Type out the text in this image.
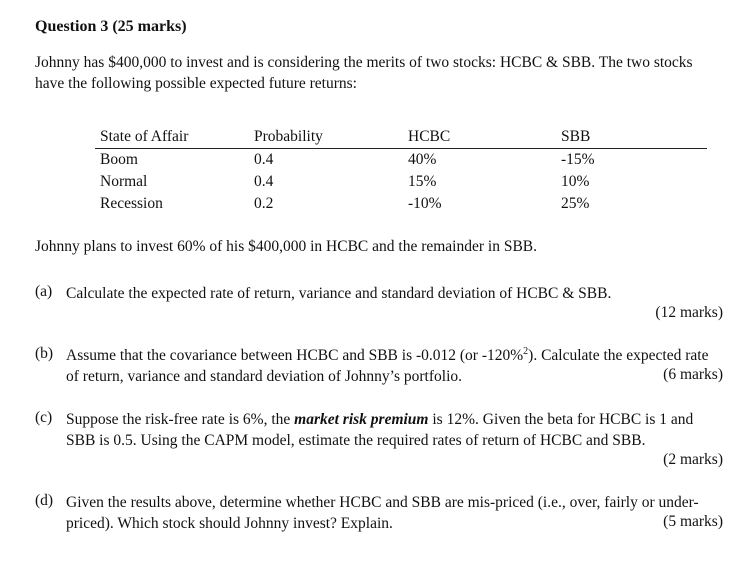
Question 3 (25 marks)
Johnny has $400,000 to invest and is considering the merits of two stocks: HCBC & SBB. The two stocks have the following possible expected future returns:
State of Affair	Probability	HCBC	SBB
Boom	0.4	40%	-15%
Normal	0.4	15%	10%
Recession	0.2	-10%	25%
Johnny plans to invest 60% of his $400,000 in HCBC and the remainder in SBB.
(a) Calculate the expected rate of return, variance and standard deviation of HCBC & SBB.
(12 marks)
(b) Assume that the covariance between HCBC and SBB is -0.012 (or -120%$^2$). Calculate the expected rate of return, variance and standard deviation of Johnny’s portfolio.	(6 marks)
(c) Suppose the risk-free rate is 6%, the market risk premium is 12%. Given the beta for HCBC is 1 and SBB is 0.5. Using the CAPM model, estimate the required rates of return of HCBC and SBB.
(2 marks)
(d) Given the results above, determine whether HCBC and SBB are mis-priced (i.e., over, fairly or under-priced). Which stock should Johnny invest? Explain.	(5 marks)
